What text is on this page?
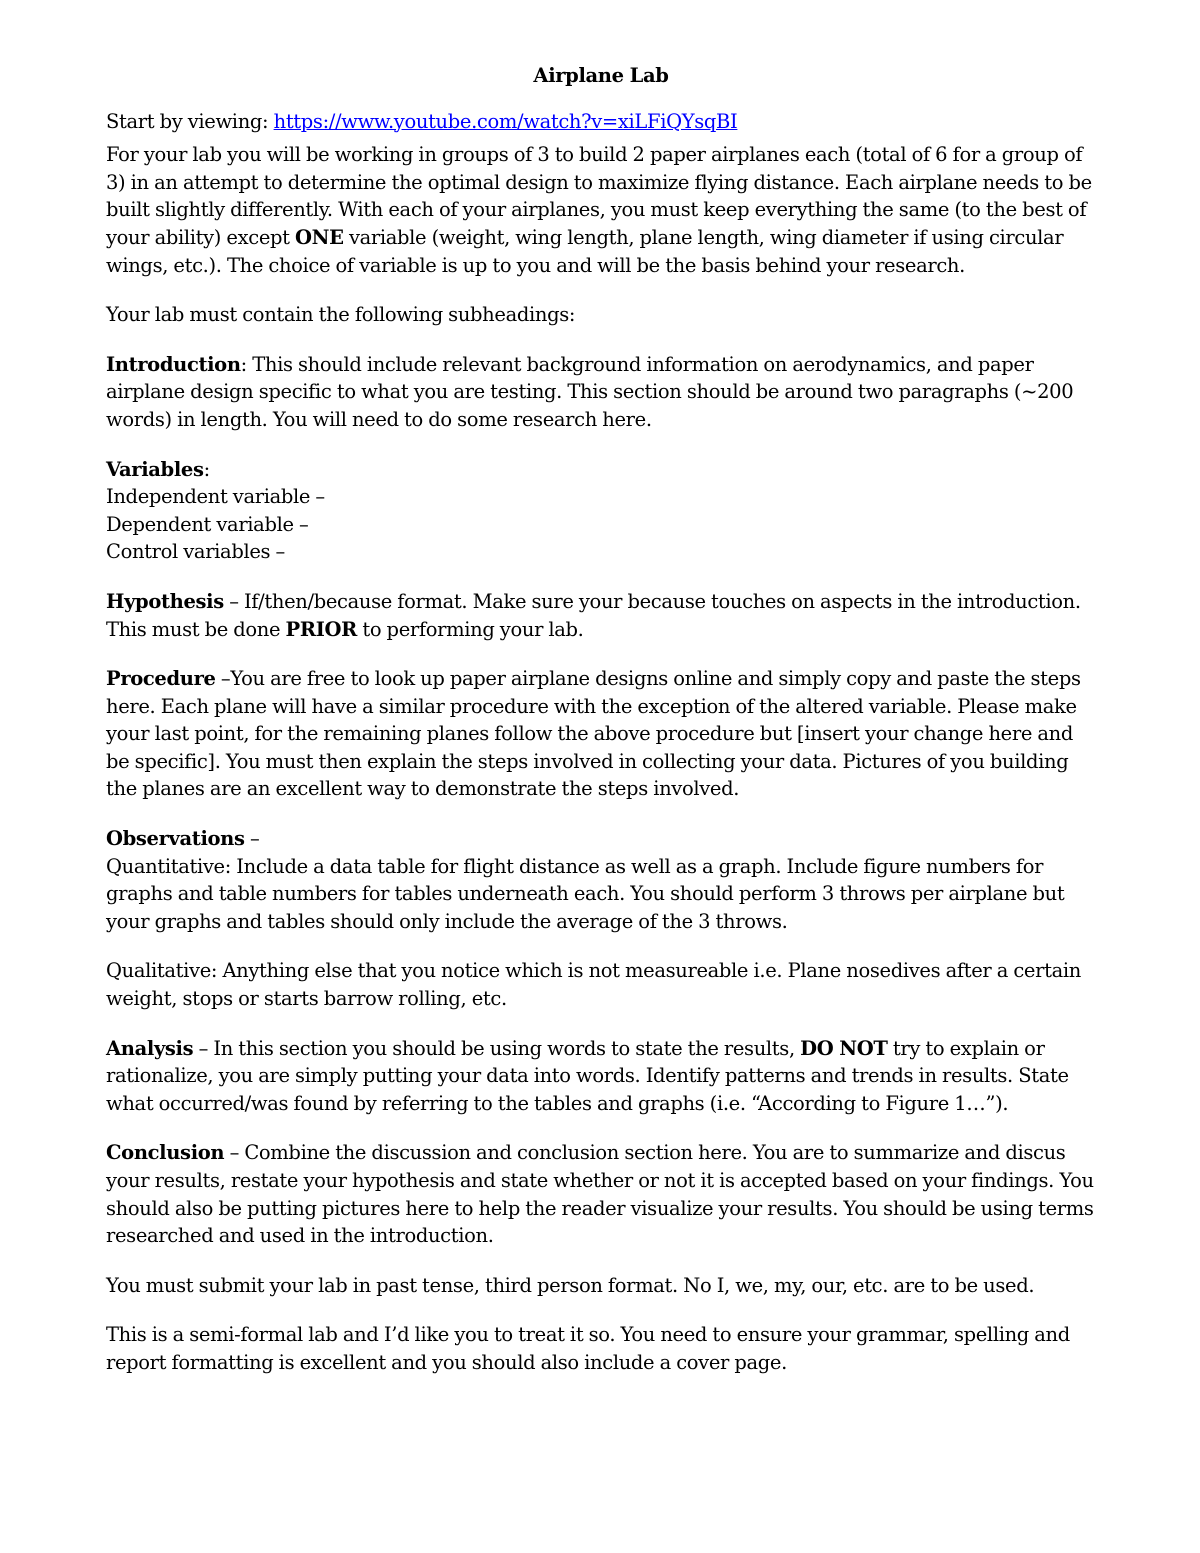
Airplane Lab

Start by viewing: https://www.youtube.com/watch?v=xiLFiQYsqBI

For your lab you will be working in groups of 3 to build 2 paper airplanes each (total of 6 for a group of 3) in an attempt to determine the optimal design to maximize flying distance. Each airplane needs to be built slightly differently. With each of your airplanes, you must keep everything the same (to the best of your ability) except ONE variable (weight, wing length, plane length, wing diameter if using circular wings, etc.). The choice of variable is up to you and will be the basis behind your research.

Your lab must contain the following subheadings:

Introduction: This should include relevant background information on aerodynamics, and paper airplane design specific to what you are testing. This section should be around two paragraphs (~200 words) in length. You will need to do some research here.

Variables:
Independent variable –
Dependent variable –
Control variables –

Hypothesis – If/then/because format. Make sure your because touches on aspects in the introduction. This must be done PRIOR to performing your lab.

Procedure –You are free to look up paper airplane designs online and simply copy and paste the steps here. Each plane will have a similar procedure with the exception of the altered variable. Please make your last point, for the remaining planes follow the above procedure but [insert your change here and be specific]. You must then explain the steps involved in collecting your data. Pictures of you building the planes are an excellent way to demonstrate the steps involved.

Observations –
Quantitative: Include a data table for flight distance as well as a graph. Include figure numbers for graphs and table numbers for tables underneath each. You should perform 3 throws per airplane but your graphs and tables should only include the average of the 3 throws.

Qualitative: Anything else that you notice which is not measureable i.e. Plane nosedives after a certain weight, stops or starts barrow rolling, etc.

Analysis – In this section you should be using words to state the results, DO NOT try to explain or rationalize, you are simply putting your data into words. Identify patterns and trends in results. State what occurred/was found by referring to the tables and graphs (i.e. “According to Figure 1…”).

Conclusion – Combine the discussion and conclusion section here. You are to summarize and discus your results, restate your hypothesis and state whether or not it is accepted based on your findings. You should also be putting pictures here to help the reader visualize your results. You should be using terms researched and used in the introduction.

You must submit your lab in past tense, third person format. No I, we, my, our, etc. are to be used.

This is a semi-formal lab and I’d like you to treat it so. You need to ensure your grammar, spelling and report formatting is excellent and you should also include a cover page.
